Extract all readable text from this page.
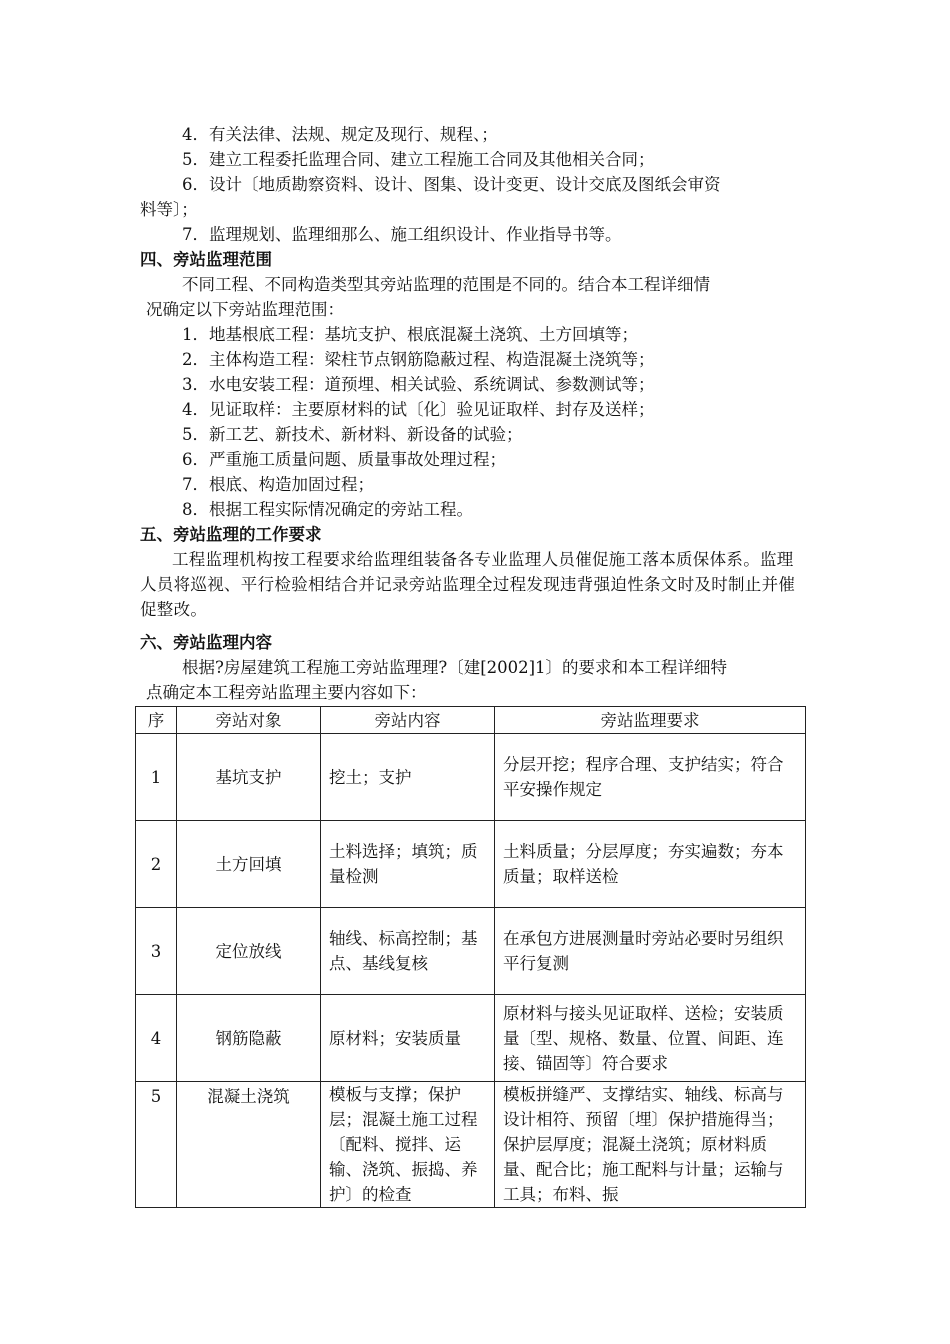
4．有关法律、法规、规定及现行、规程、；

5．建立工程委托监理合同、建立工程施工合同及其他相关合同；

6．设计〔地质勘察资料、设计、图集、设计变更、设计交底及图纸会审资

料等〕；

7．监理规划、监理细那么、施工组织设计、作业指导书等。

四、旁站监理范围

不同工程、不同构造类型其旁站监理的范围是不同的。结合本工程详细情

况确定以下旁站监理范围：

1．地基根底工程：基坑支护、根底混凝土浇筑、土方回填等；

2．主体构造工程：梁柱节点钢筋隐蔽过程、构造混凝土浇筑等；

3．水电安装工程：道预埋、相关试验、系统调试、参数测试等；

4．见证取样：主要原材料的试〔化〕验见证取样、封存及送样；

5．新工艺、新技术、新材料、新设备的试验；

6．严重施工质量问题、质量事故处理过程；

7．根底、构造加固过程；

8．根据工程实际情况确定的旁站工程。

五、旁站监理的工作要求

工程监理机构按工程要求给监理组装备各专业监理人员催促施工落本质保体系。监理人员将巡视、平行检验相结合并记录旁站监理全过程发现违背强迫性条文时及时制止并催促整改。

六、旁站监理内容

根据?房屋建筑工程施工旁站监理理?〔建[2002]1〕的要求和本工程详细特

点确定本工程旁站监理主要内容如下：

序	旁站对象	旁站内容	旁站监理要求
1	基坑支护	挖土；支护	分层开挖；程序合理、支护结实；符合平安操作规定
2	土方回填	土料选择；填筑；质量检测	土料质量；分层厚度；夯实遍数；夯本质量；取样送检
3	定位放线	轴线、标高控制；基点、基线复核	在承包方进展测量时旁站必要时另组织平行复测
4	钢筋隐蔽	原材料；安装质量	原材料与接头见证取样、送检；安装质量〔型、规格、数量、位置、间距、连接、锚固等〕符合要求
5	混凝土浇筑	模板与支撑；保护层；混凝土施工过程〔配料、搅拌、运输、浇筑、振捣、养护〕的检查	模板拼缝严、支撑结实、轴线、标高与设计相符、预留〔埋〕保护措施得当；保护层厚度；混凝土浇筑；原材料质量、配合比；施工配料与计量；运输与工具；布料、振
